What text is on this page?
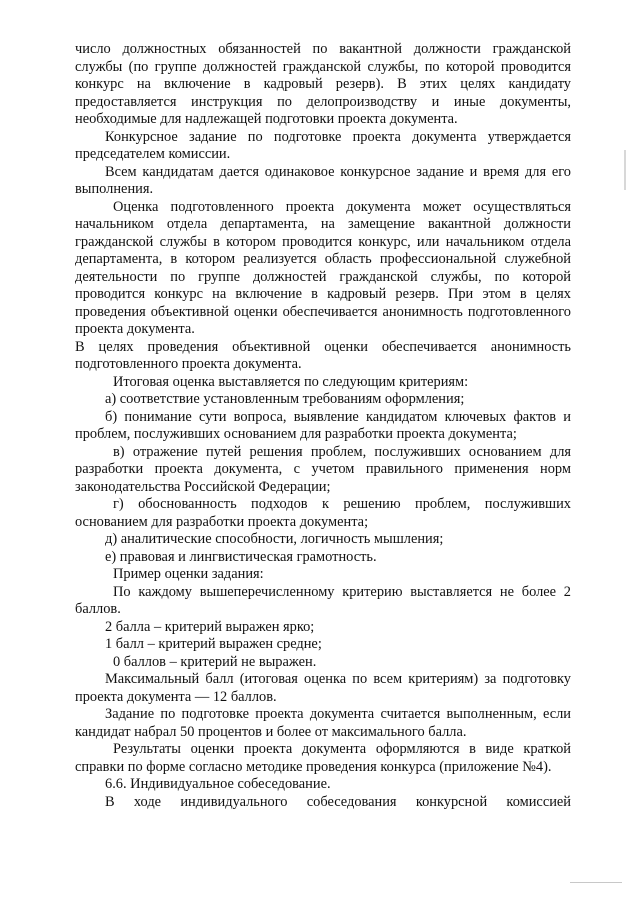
число должностных обязанностей по вакантной должности гражданской службы (по группе должностей гражданской службы, по которой проводится конкурс на включение в кадровый резерв). В этих целях кандидату предоставляется инструкция по делопроизводству и иные документы, необходимые для надлежащей подготовки проекта документа.

Конкурсное задание по подготовке проекта документа утверждается председателем комиссии.

Всем кандидатам дается одинаковое конкурсное задание и время для его выполнения.

Оценка подготовленного проекта документа может осуществляться начальником отдела департамента, на замещение вакантной должности гражданской службы в котором проводится конкурс, или начальником отдела департамента, в котором реализуется область профессиональной служебной деятельности по группе должностей гражданской службы, по которой проводится конкурс на включение в кадровый резерв. При этом в целях проведения объективной оценки обеспечивается анонимность подготовленного проекта документа.

В целях проведения объективной оценки обеспечивается анонимность подготовленного проекта документа.

Итоговая оценка выставляется по следующим критериям:

а) соответствие установленным требованиям оформления;

б) понимание сути вопроса, выявление кандидатом ключевых фактов и проблем, послуживших основанием для разработки проекта документа;

в) отражение путей решения проблем, послуживших основанием для разработки проекта документа, с учетом правильного применения норм законодательства Российской Федерации;

г) обоснованность подходов к решению проблем, послуживших основанием для разработки проекта документа;

д) аналитические способности, логичность мышления;

е) правовая и лингвистическая грамотность.

Пример оценки задания:

По каждому вышеперечисленному критерию выставляется не более 2 баллов.

2 балла – критерий выражен ярко;

1 балл – критерий выражен средне;

0 баллов – критерий не выражен.

Максимальный балл (итоговая оценка по всем критериям) за подготовку проекта документа — 12 баллов.

Задание по подготовке проекта документа считается выполненным, если кандидат набрал 50 процентов и более от максимального балла.

Результаты оценки проекта документа оформляются в виде краткой справки по форме согласно методике проведения конкурса (приложение №4).

6.6. Индивидуальное собеседование.

В ходе индивидуального собеседования конкурсной комиссией
